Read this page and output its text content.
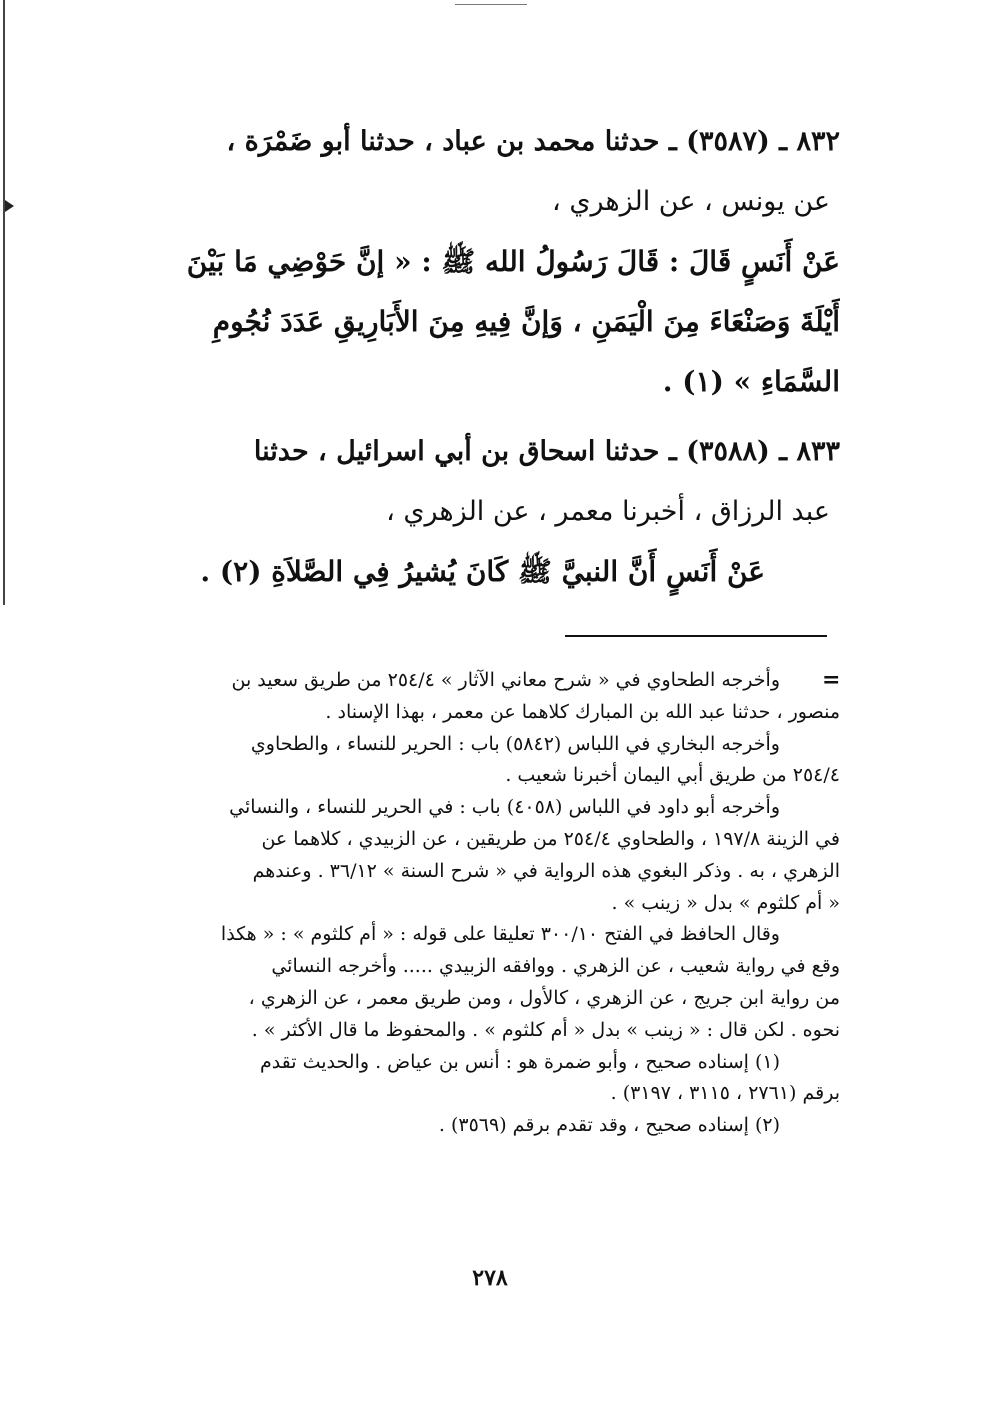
٨٣٢ ـ (٣٥٨٧) ـ حدثنا محمد بن عباد ، حدثنا أبو ضَمْرَة ،
عن يونس ، عن الزهري ،
عَنْ أَنَسٍ قَالَ : قَالَ رَسُولُ الله ﷺ : « إنَّ حَوْضِي مَا بَيْنَ
أَيْلَةَ وَصَنْعَاءَ مِنَ الْيَمَنِ ، وَإنَّ فِيهِ مِنَ الأَبَارِيقِ عَدَدَ نُجُومِ
السَّمَاءِ » (١) .
٨٣٣ ـ (٣٥٨٨) ـ حدثنا اسحاق بن أبي اسرائيل ، حدثنا
عبد الرزاق ، أخبرنا معمر ، عن الزهري ،
عَنْ أَنَسٍ أَنَّ النبيَّ ﷺ كَانَ يُشيرُ فِي الصَّلاَةِ (٢) .
=
وأخرجه الطحاوي في « شرح معاني الآثار » ٢٥٤/٤ من طريق سعيد بن
منصور ، حدثنا عبد الله بن المبارك كلاهما عن معمر ، بهذا الإسناد .
وأخرجه البخاري في اللباس (٥٨٤٢) باب : الحرير للنساء ، والطحاوي
٢٥٤/٤ من طريق أبي اليمان أخبرنا شعيب .
وأخرجه أبو داود في اللباس (٤٠٥٨) باب : في الحرير للنساء ، والنسائي
في الزينة ١٩٧/٨ ، والطحاوي ٢٥٤/٤ من طريقين ، عن الزبيدي ، كلاهما عن
الزهري ، به . وذكر البغوي هذه الرواية في « شرح السنة » ٣٦/١٢ . وعندهم
« أم كلثوم » بدل « زينب » .
وقال الحافظ في الفتح ٣٠٠/١٠ تعليقا على قوله : « أم كلثوم » : « هكذا
وقع في رواية شعيب ، عن الزهري . ووافقه الزبيدي ..... وأخرجه النسائي
من رواية ابن جريج ، عن الزهري ، كالأول ، ومن طريق معمر ، عن الزهري ،
نحوه . لكن قال : « زينب » بدل « أم كلثوم » . والمحفوظ ما قال الأكثر » .
(١) إسناده صحيح ، وأبو ضمرة هو : أنس بن عياض . والحديث تقدم
برقم (٢٧٦١ ، ٣١١٥ ، ٣١٩٧) .
(٢) إسناده صحيح ، وقد تقدم برقم (٣٥٦٩) .
٢٧٨
